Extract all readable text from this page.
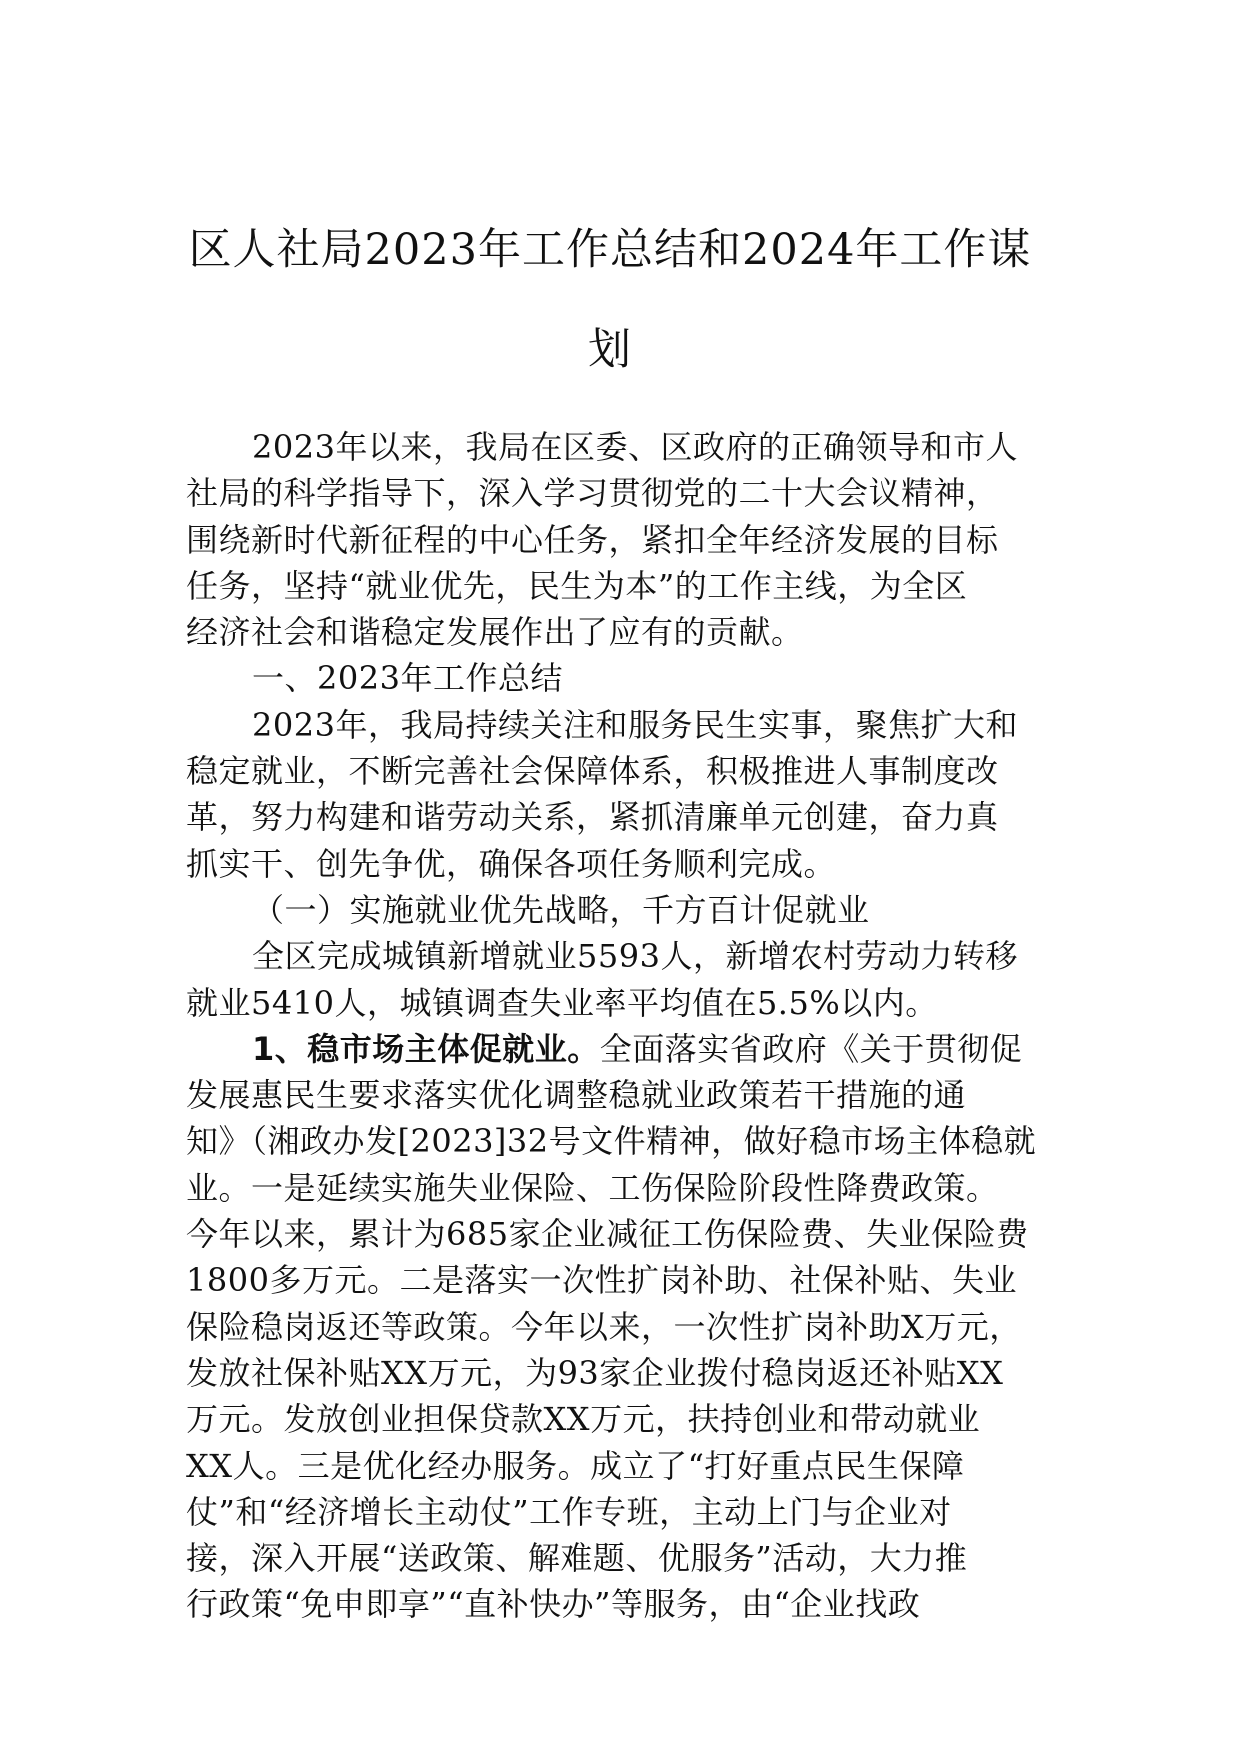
区人社局2023年工作总结和2024年工作谋
划
2023年以来，我局在区委、区政府的正确领导和市人
社局的科学指导下，深入学习贯彻党的二十大会议精神，
围绕新时代新征程的中心任务，紧扣全年经济发展的目标
任务，坚持“就业优先，民生为本”的工作主线，为全区
经济社会和谐稳定发展作出了应有的贡献。
一、2023年工作总结
2023年，我局持续关注和服务民生实事，聚焦扩大和
稳定就业，不断完善社会保障体系，积极推进人事制度改
革，努力构建和谐劳动关系，紧抓清廉单元创建，奋力真
抓实干、创先争优，确保各项任务顺利完成。
（一）实施就业优先战略，千方百计促就业
全区完成城镇新增就业5593人，新增农村劳动力转移
就业5410人，城镇调查失业率平均值在5.5%以内。
1、稳市场主体促就业。全面落实省政府《关于贯彻促
发展惠民生要求落实优化调整稳就业政策若干措施的通
知》（湘政办发[2023]32号文件精神，做好稳市场主体稳就
业。一是延续实施失业保险、工伤保险阶段性降费政策。
今年以来，累计为685家企业减征工伤保险费、失业保险费
1800多万元。二是落实一次性扩岗补助、社保补贴、失业
保险稳岗返还等政策。今年以来，一次性扩岗补助X万元，
发放社保补贴XX万元，为93家企业拨付稳岗返还补贴XX
万元。发放创业担保贷款XX万元，扶持创业和带动就业
XX人。三是优化经办服务。成立了“打好重点民生保障
仗”和“经济增长主动仗”工作专班，主动上门与企业对
接，深入开展“送政策、解难题、优服务”活动，大力推
行政策“免申即享”“直补快办”等服务，由“企业找政
